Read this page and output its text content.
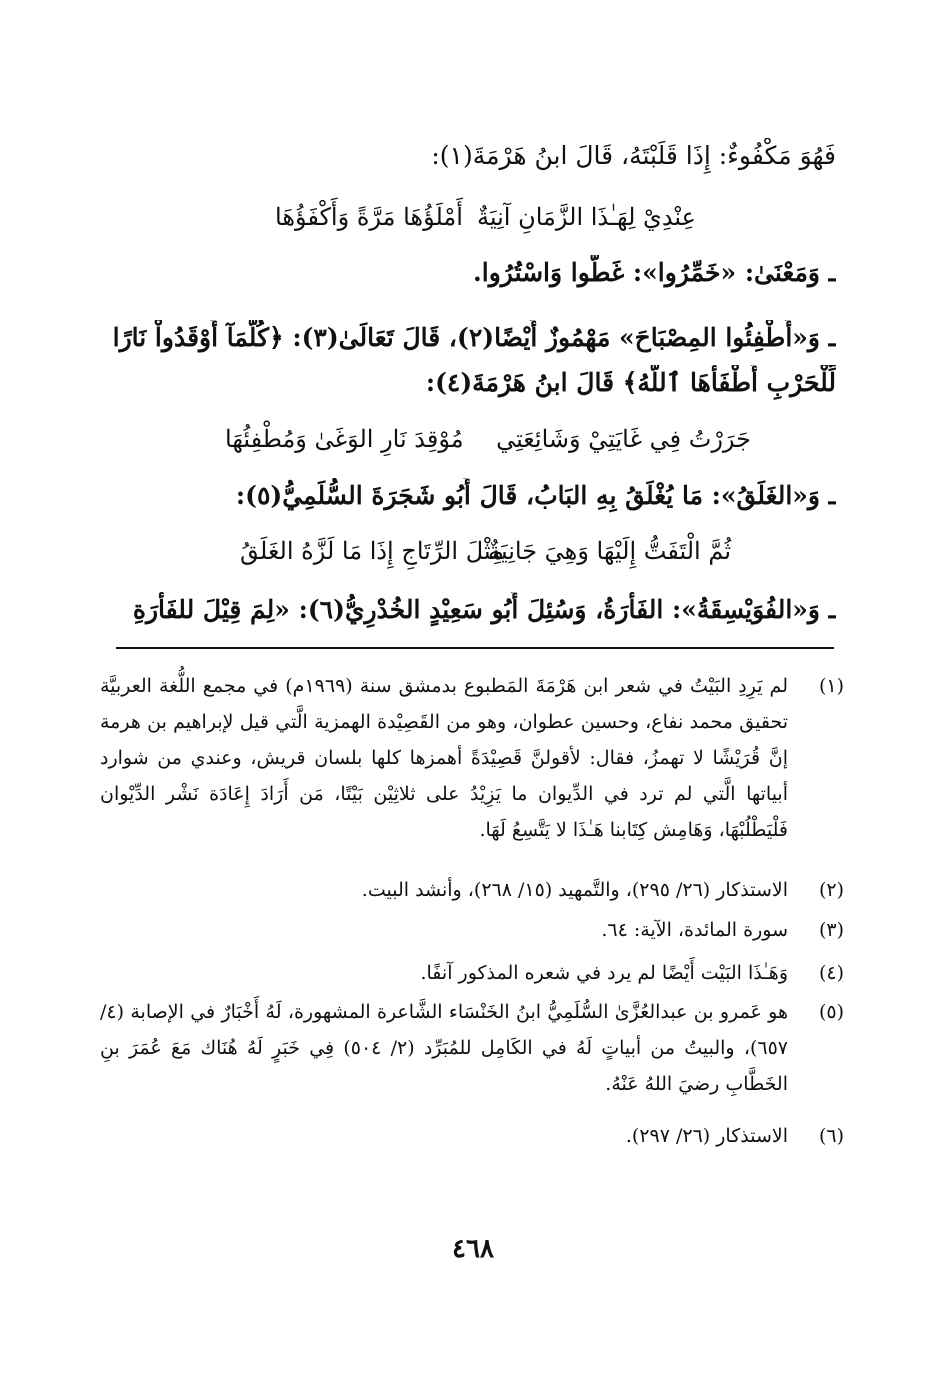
فَهُوَ مَكْفُوءٌ: إِذَا قَلَبْتَهُ، قَالَ ابنُ هَرْمَةَ(١):
عِنْدِيْ لِهَـٰذَا الزَّمَانِ آنِيَةٌ
أَمْلَؤُهَا مَرَّةً وَأَكْفَؤُهَا
ـ وَمَعْنَىٰ: «خَمِّرُوا»: غَطُّوا وَاسْتُرُوا.
ـ وَ«أَطْفِئُوا المِصْبَاحَ» مَهْمُوزٌ أَيْضًا(٢)، قَالَ تَعَالَىٰ(٣): ﴿كُلَّمَآ أَوْقَدُواْ نَارًا
لِّلْحَرْبِ أَطْفَأَهَا ٱللَّهُ﴾ قَالَ ابنُ هَرْمَةَ(٤):
جَرَرْتُ فِي غَايَتِيْ وَشَائِعَتِي
مُوْقِدَ نَارِ الوَغَىٰ وَمُطْفِئُهَا
ـ وَ«الغَلَقُ»: مَا يُغْلَقُ بِهِ البَابُ، قَالَ أَبُو شَجَرَةَ السُّلَمِيُّ(٥):
ثُمَّ الْتَفَتُّ إِلَيْهَا وَهِيَ جَانِيَةٌ
مِثْلَ الرِّتَاجِ إِذَا مَا لَزَّهُ الغَلَقُ
ـ وَ«الفُوَيْسِقَةُ»: الفَأْرَةُ، وَسُئِلَ أَبُو سَعِيْدٍ الخُدْرِيُّ(٦): «لِمَ قِيْلَ للفَأْرَةِ
(١)
لم يَرِدِ البَيْتُ في شعر ابن هَرْمَةَ المَطبوع بدمشق سنة (١٩٦٩م) في مجمع اللُّغة العربيَّة تحقيق محمد نفاع، وحسين عطوان، وهو من القَصِيْدة الهمزية الَّتي قيل لإبراهيم بن هرمة إنَّ قُرَيْشًا لا تهمزُ، فقال: لأقولنَّ قَصِيْدَةً أهمزها كلها بلسان قريش، وعندي من شوارد أبياتها الَّتي لم ترد في الدِّيوان ما يَزِيْدُ على ثلاثِيْن بَيْتًا، مَن أَرَادَ إِعَادَة نَشْر الدِّيْوان فَلْيَطْلُبْهَا، وَهَامِش كِتَابنا هَـٰذَا لا يَتَّسِعُ لَهَا.
(٢)
الاستذكار (٢٦/ ٢٩٥)، والتَّمهيد (١٥/ ٢٦٨)، وأنشد البيت.
(٣)
سورة المائدة، الآية: ٦٤.
(٤)
وَهَـٰذَا البَيْت أَيْضًا لم يرد في شعره المذكور آنفًا.
(٥)
هو عَمرو بن عبدالعُزَّىٰ السُّلَمِيُّ ابنُ الخَنْسَاء الشَّاعرة المشهورة، لَهُ أَخْبَارٌ في الإصابة (٤/ ٦٥٧)، والبيتُ من أبياتٍ لَهُ في الكَامِل للمُبَرِّد (٢/ ٥٠٤) فِي خَبَرٍ لَهُ هُنَاك مَعَ عُمَرَ بنِ الخَطَّابِ رضيَ اللهُ عَنْهُ.
(٦)
الاستذكار (٢٦/ ٢٩٧).
٤٦٨
